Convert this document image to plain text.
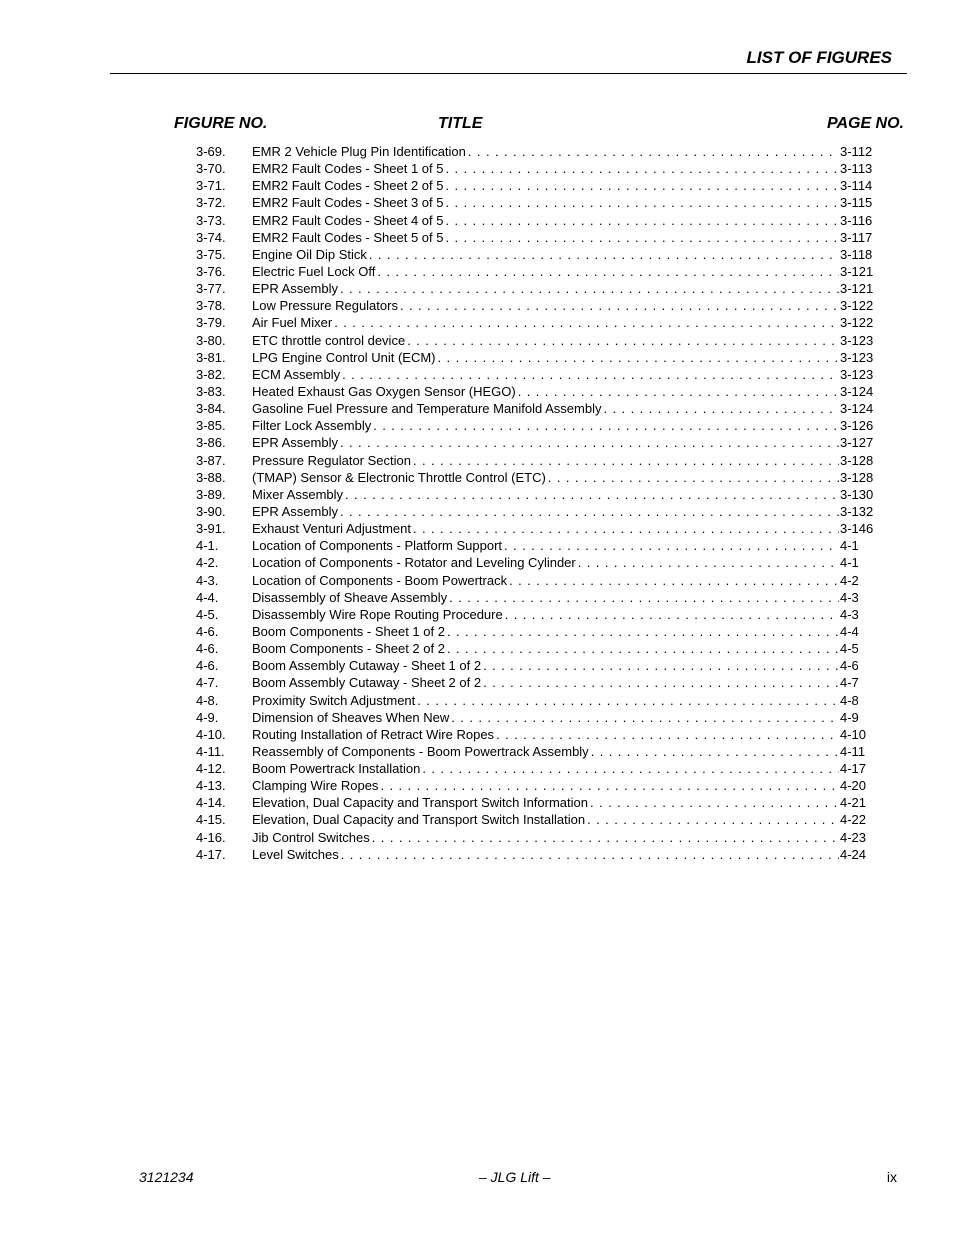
LIST OF FIGURES
FIGURE NO.	TITLE	PAGE NO.
3-69.	EMR 2 Vehicle Plug Pin Identification . . .	3-112
3-70.	EMR2 Fault Codes - Sheet 1 of 5 . . .	3-113
3-71.	EMR2 Fault Codes - Sheet 2 of 5 . . .	3-114
3-72.	EMR2 Fault Codes - Sheet 3 of 5 . . .	3-115
3-73.	EMR2 Fault Codes - Sheet 4 of 5 . . .	3-116
3-74.	EMR2 Fault Codes - Sheet 5 of 5 . . .	3-117
3-75.	Engine Oil Dip Stick . . .	3-118
3-76.	Electric Fuel Lock Off . . .	3-121
3-77.	EPR Assembly . . .	3-121
3-78.	Low Pressure Regulators . . .	3-122
3-79.	Air Fuel Mixer . . .	3-122
3-80.	ETC throttle control device . . .	3-123
3-81.	LPG Engine Control Unit (ECM) . . .	3-123
3-82.	ECM Assembly . . .	3-123
3-83.	Heated Exhaust Gas Oxygen Sensor (HEGO) . . .	3-124
3-84.	Gasoline Fuel Pressure and Temperature Manifold Assembly . . .	3-124
3-85.	Filter Lock Assembly . . .	3-126
3-86.	EPR Assembly . . .	3-127
3-87.	Pressure Regulator Section . . .	3-128
3-88.	(TMAP) Sensor & Electronic Throttle Control (ETC) . . .	3-128
3-89.	Mixer Assembly . . .	3-130
3-90.	EPR Assembly . . .	3-132
3-91.	Exhaust Venturi Adjustment . . .	3-146
4-1.	Location of Components - Platform Support . . .	4-1
4-2.	Location of Components - Rotator and Leveling Cylinder . . .	4-1
4-3.	Location of Components - Boom Powertrack . . .	4-2
4-4.	Disassembly of Sheave Assembly . . .	4-3
4-5.	Disassembly Wire Rope Routing Procedure . . .	4-3
4-6.	Boom Components - Sheet 1 of 2 . . .	4-4
4-6.	Boom Components - Sheet 2 of 2 . . .	4-5
4-6.	Boom Assembly Cutaway - Sheet 1 of 2 . . .	4-6
4-7.	Boom Assembly Cutaway - Sheet 2 of 2 . . .	4-7
4-8.	Proximity Switch Adjustment . . .	4-8
4-9.	Dimension of Sheaves When New . . .	4-9
4-10.	Routing Installation of Retract Wire Ropes . . .	4-10
4-11.	Reassembly of Components - Boom Powertrack Assembly . . .	4-11
4-12.	Boom Powertrack Installation . . .	4-17
4-13.	Clamping Wire Ropes . . .	4-20
4-14.	Elevation, Dual Capacity and Transport Switch Information . . .	4-21
4-15.	Elevation, Dual Capacity and Transport Switch Installation . . .	4-22
4-16.	Jib Control Switches . . .	4-23
4-17.	Level Switches . . .	4-24
3121234	– JLG Lift –	ix
